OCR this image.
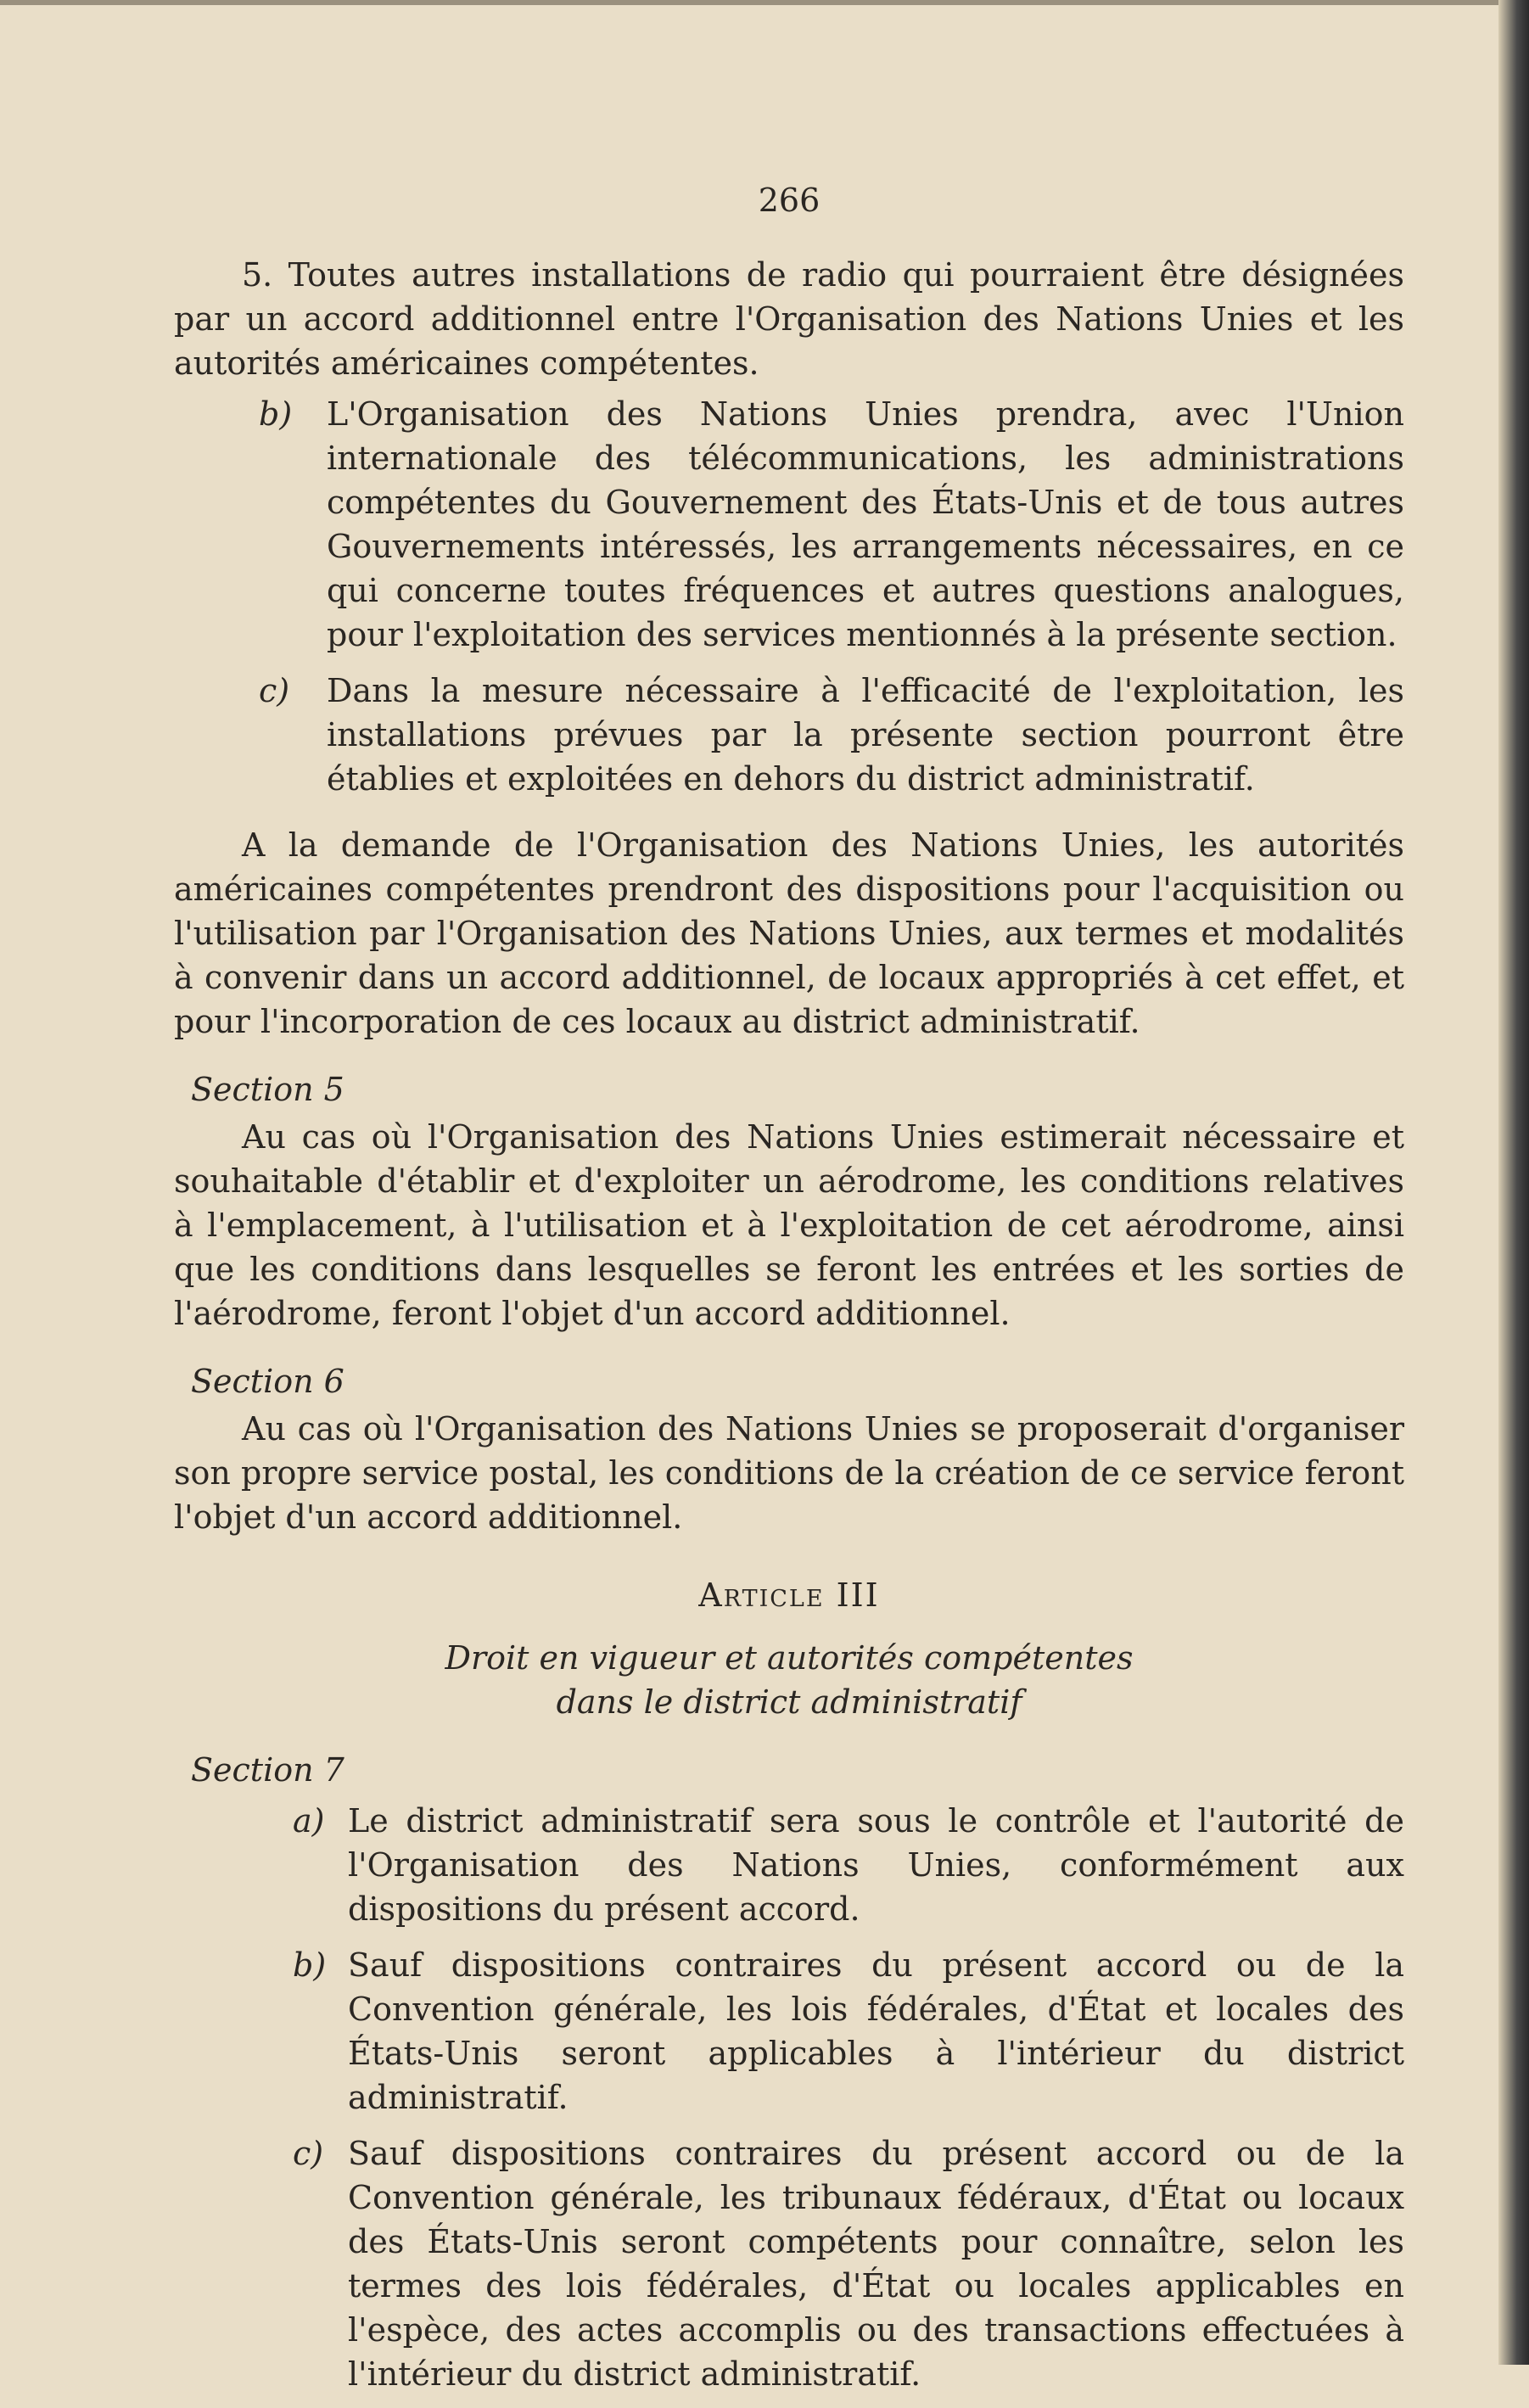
266

5. Toutes autres installations de radio qui pourraient être désignées par un accord additionnel entre l'Organisation des Nations Unies et les autorités américaines compétentes.

b) L'Organisation des Nations Unies prendra, avec l'Union internationale des télécommunications, les administrations compétentes du Gouvernement des États-Unis et de tous autres Gouvernements intéressés, les arrangements nécessaires, en ce qui concerne toutes fréquences et autres questions analogues, pour l'exploitation des services mentionnés à la présente section.
c) Dans la mesure nécessaire à l'efficacité de l'exploitation, les installations prévues par la présente section pourront être établies et exploitées en dehors du district administratif.

A la demande de l'Organisation des Nations Unies, les autorités américaines compétentes prendront des dispositions pour l'acquisition ou l'utilisation par l'Organisation des Nations Unies, aux termes et modalités à convenir dans un accord additionnel, de locaux appropriés à cet effet, et pour l'incorporation de ces locaux au district administratif.

Section 5

Au cas où l'Organisation des Nations Unies estimerait nécessaire et souhaitable d'établir et d'exploiter un aérodrome, les conditions relatives à l'emplacement, à l'utilisation et à l'exploitation de cet aérodrome, ainsi que les conditions dans lesquelles se feront les entrées et les sorties de l'aérodrome, feront l'objet d'un accord additionnel.

Section 6

Au cas où l'Organisation des Nations Unies se proposerait d'organiser son propre service postal, les conditions de la création de ce service feront l'objet d'un accord additionnel.

Article III
Droit en vigueur et autorités compétentes
dans le district administratif
Section 7
a) Le district administratif sera sous le contrôle et l'autorité de l'Organisation des Nations Unies, conformément aux dispositions du présent accord.
b) Sauf dispositions contraires du présent accord ou de la Convention générale, les lois fédérales, d'État et locales des États-Unis seront applicables à l'intérieur du district administratif.
c) Sauf dispositions contraires du présent accord ou de la Convention générale, les tribunaux fédéraux, d'État ou locaux des États-Unis seront compétents pour connaître, selon les termes des lois fédérales, d'État ou locales applicables en l'espèce, des actes accomplis ou des transactions effectuées à l'intérieur du district administratif.
